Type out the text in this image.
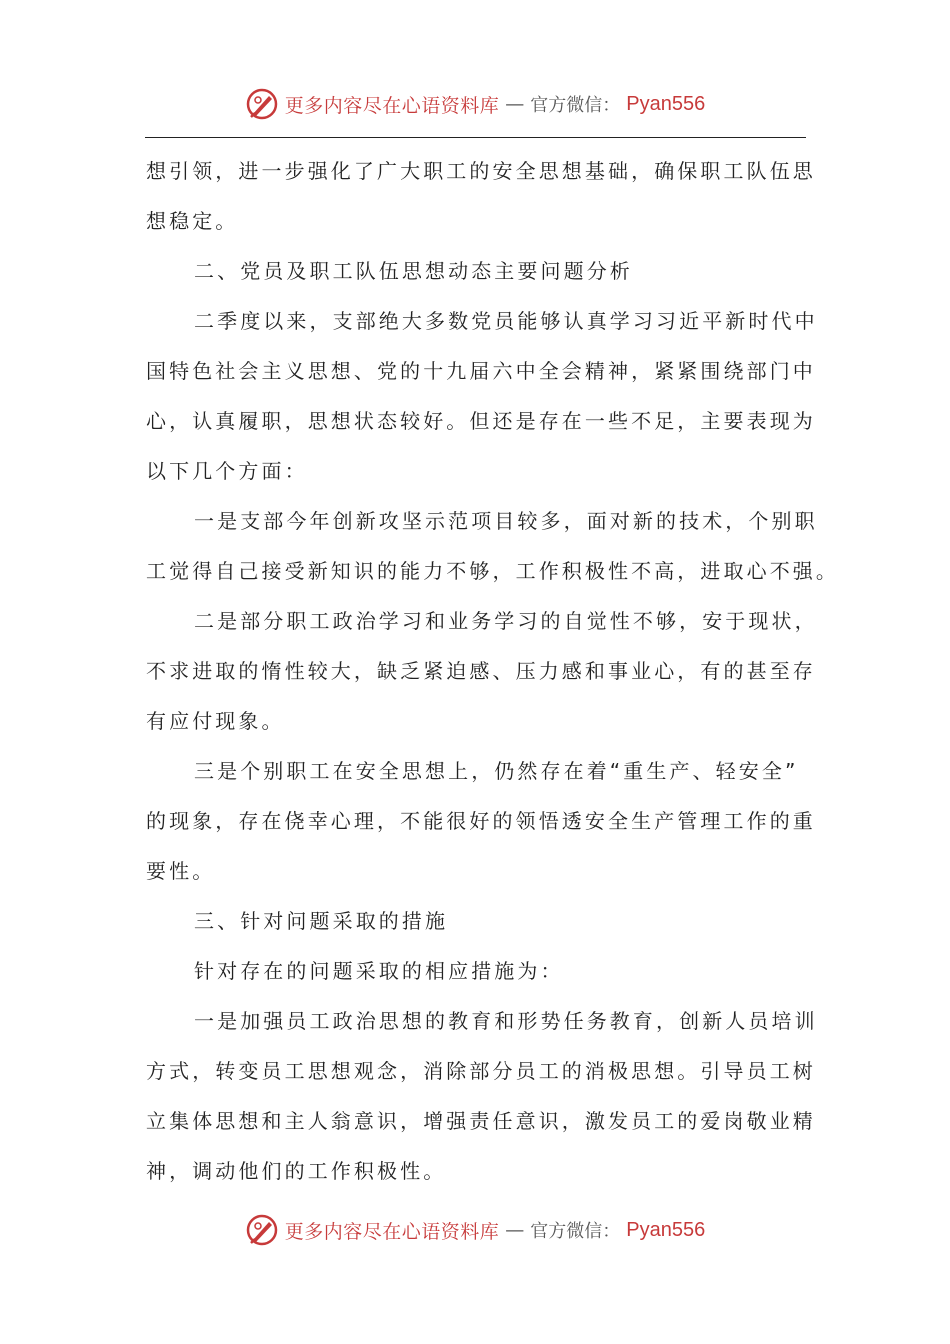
更多内容尽在心语资料库 — 官方微信： Pyan556
想引领，进一步强化了广大职工的安全思想基础，确保职工队伍思
想稳定。
二、党员及职工队伍思想动态主要问题分析
二季度以来，支部绝大多数党员能够认真学习习近平新时代中
国特色社会主义思想、党的十九届六中全会精神，紧紧围绕部门中
心，认真履职，思想状态较好。但还是存在一些不足，主要表现为
以下几个方面：
一是支部今年创新攻坚示范项目较多，面对新的技术，个别职
工觉得自己接受新知识的能力不够，工作积极性不高，进取心不强。
二是部分职工政治学习和业务学习的自觉性不够，安于现状，
不求进取的惰性较大，缺乏紧迫感、压力感和事业心，有的甚至存
有应付现象。
三是个别职工在安全思想上，仍然存在着“重生产、轻安全”
的现象，存在侥幸心理，不能很好的领悟透安全生产管理工作的重
要性。
三、针对问题采取的措施
针对存在的问题采取的相应措施为：
一是加强员工政治思想的教育和形势任务教育，创新人员培训
方式，转变员工思想观念，消除部分员工的消极思想。引导员工树
立集体思想和主人翁意识，增强责任意识，激发员工的爱岗敬业精
神，调动他们的工作积极性。
更多内容尽在心语资料库 — 官方微信： Pyan556
